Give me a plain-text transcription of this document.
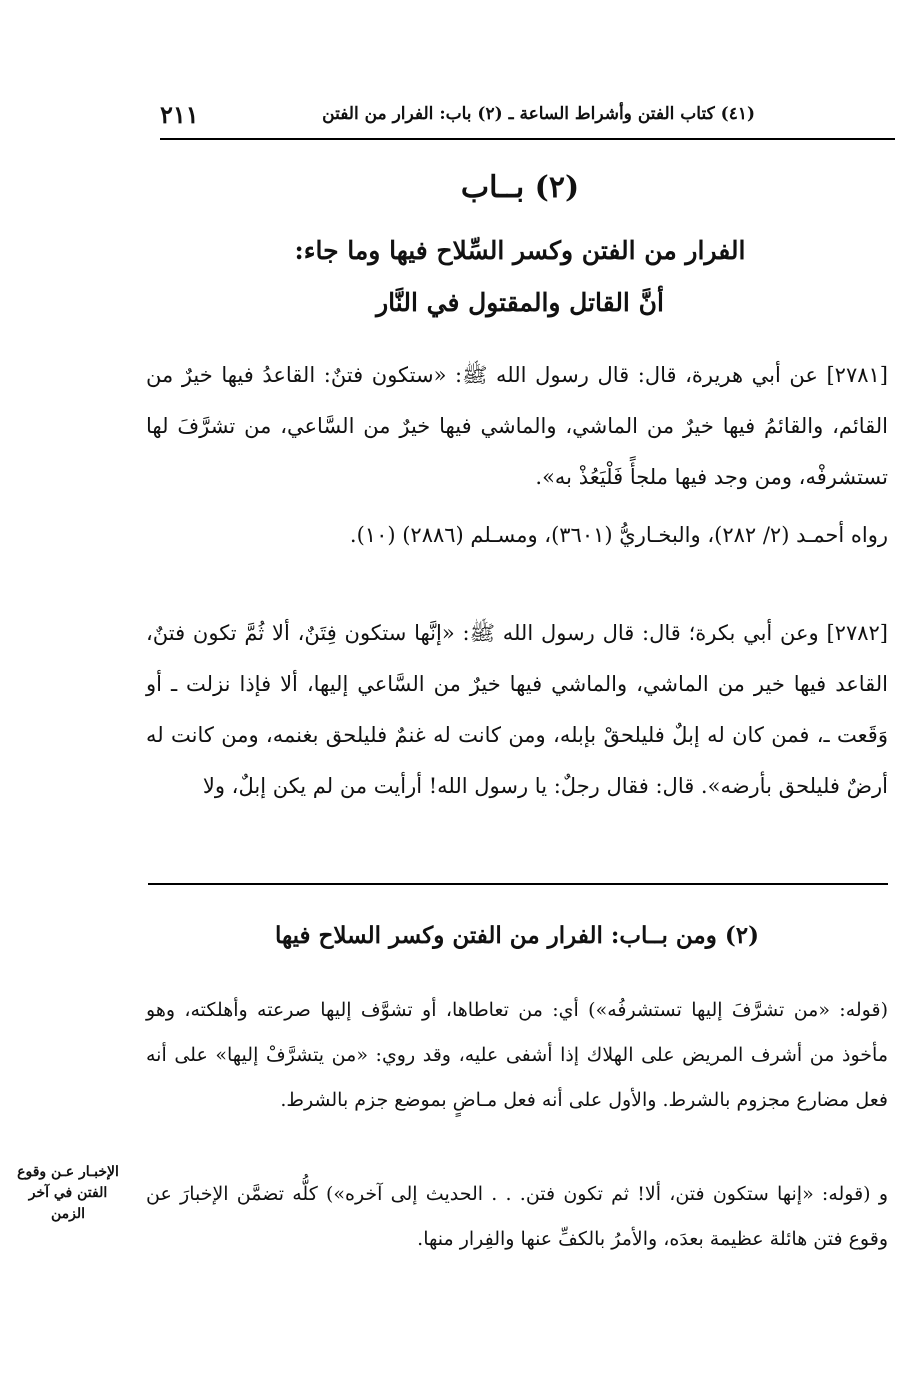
٢١١	(٤١) كتاب الفتن وأشراط الساعة ـ (٢) باب: الفرار من الفتن
(٢) بــاب
الفرار من الفتن وكسر السِّلاح فيها وما جاء:
أنَّ القاتل والمقتول في النَّار
[٢٧٨١] عن أبي هريرة، قال: قال رسول الله ﷺ: «ستكون فتنٌ: القاعدُ فيها خيرٌ من القائم، والقائمُ فيها خيرٌ من الماشي، والماشي فيها خيرٌ من السَّاعي، من تشرَّفَ لها تستشرفْه، ومن وجد فيها ملجأً فَلْيَعُذْ به».
رواه أحمـد (٢/ ٢٨٢)، والبخـاريُّ (٣٦٠١)، ومسـلم (٢٨٨٦) (١٠).
[٢٧٨٢] وعن أبي بكرة؛ قال: قال رسول الله ﷺ: «إنَّها ستكون فِتَنٌ، ألا ثُمَّ تكون فتنٌ، القاعد فيها خير من الماشي، والماشي فيها خيرٌ من السَّاعي إليها، ألا فإذا نزلت ـ أو وَقَعت ـ، فمن كان له إبلٌ فليلحقْ بإبله، ومن كانت له غنمٌ فليلحق بغنمه، ومن كانت له أرضٌ فليلحق بأرضه». قال: فقال رجلٌ: يا رسول الله! أرأيت من لم يكن إبلٌ، ولا
(٢) ومن بــاب: الفرار من الفتن وكسر السلاح فيها
(قوله: «من تشرَّفَ إليها تستشرفُه») أي: من تعاطاها، أو تشوَّف إليها صرعته وأهلكته، وهو مأخوذ من أشرف المريض على الهلاك إذا أشفى عليه، وقد روي: «من يتشرَّفْ إليها» على أنه فعل مضارع مجزوم بالشرط. والأول على أنه فعل مـاضٍ بموضع جزم بالشرط.
و (قوله: «إنها ستكون فتن، ألا! ثم تكون فتن. . . الحديث إلى آخره») كلُّه تضمَّن الإخبارَ عن وقوع فتن هائلة عظيمة بعدَه، والأمرُ بالكفِّ عنها والفِرار منها.
الإخبـار عـن وقوع الفتن في آخر الزمن
